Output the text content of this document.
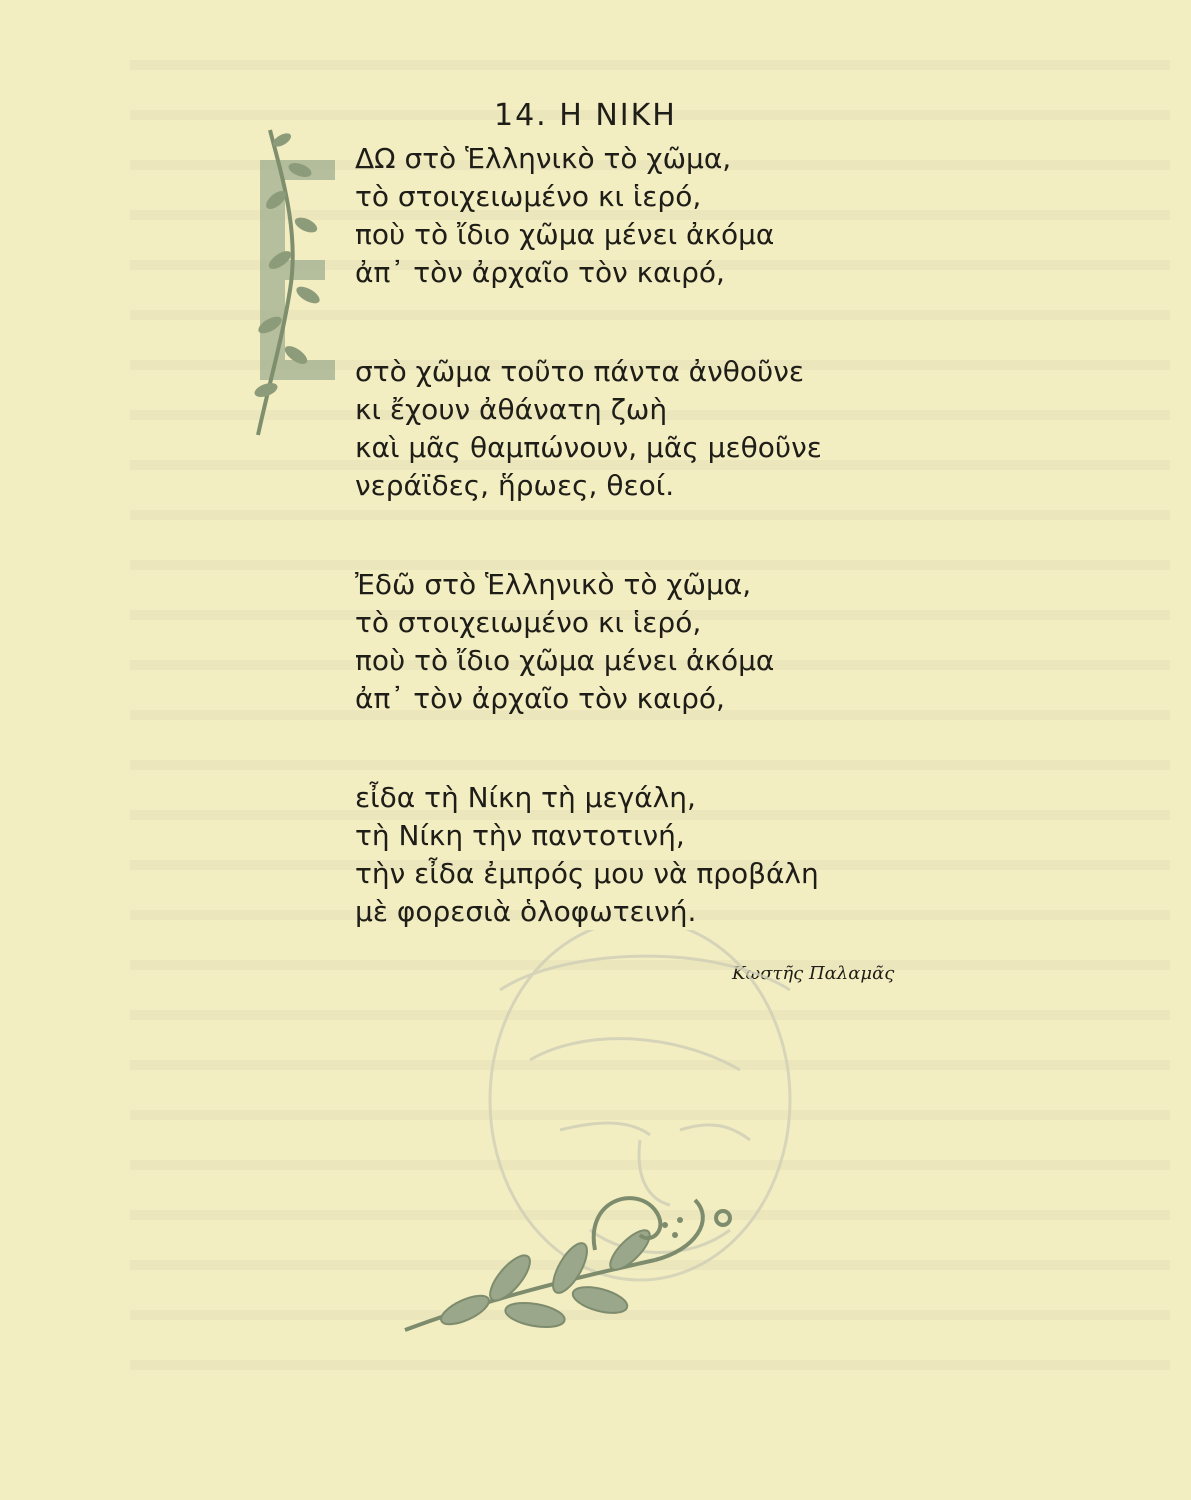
14. Η ΝΙΚΗ
ΔΩ στὸ Ἑλληνικὸ τὸ χῶμα,
τὸ στοιχειωμένο κι ἱερό,
ποὺ τὸ ἴδιο χῶμα μένει ἀκόμα
ἀπ᾽ τὸν ἀρχαῖο τὸν καιρό,
στὸ χῶμα τοῦτο πάντα ἀνθοῦνε
κι ἔχουν ἀθάνατη ζωὴ
καὶ μᾶς θαμπώνουν, μᾶς μεθοῦνε
νεράϊδες, ἥρωες, θεοί.
Ἐδῶ στὸ Ἑλληνικὸ τὸ χῶμα,
τὸ στοιχειωμένο κι ἱερό,
ποὺ τὸ ἴδιο χῶμα μένει ἀκόμα
ἀπ᾽ τὸν ἀρχαῖο τὸν καιρό,
εἶδα τὴ Νίκη τὴ μεγάλη,
τὴ Νίκη τὴν παντοτινή,
τὴν εἶδα ἐμπρός μου νὰ προβάλη
μὲ φορεσιὰ ὁλοφωτεινή.
Κωστῆς Παλαμᾶς
